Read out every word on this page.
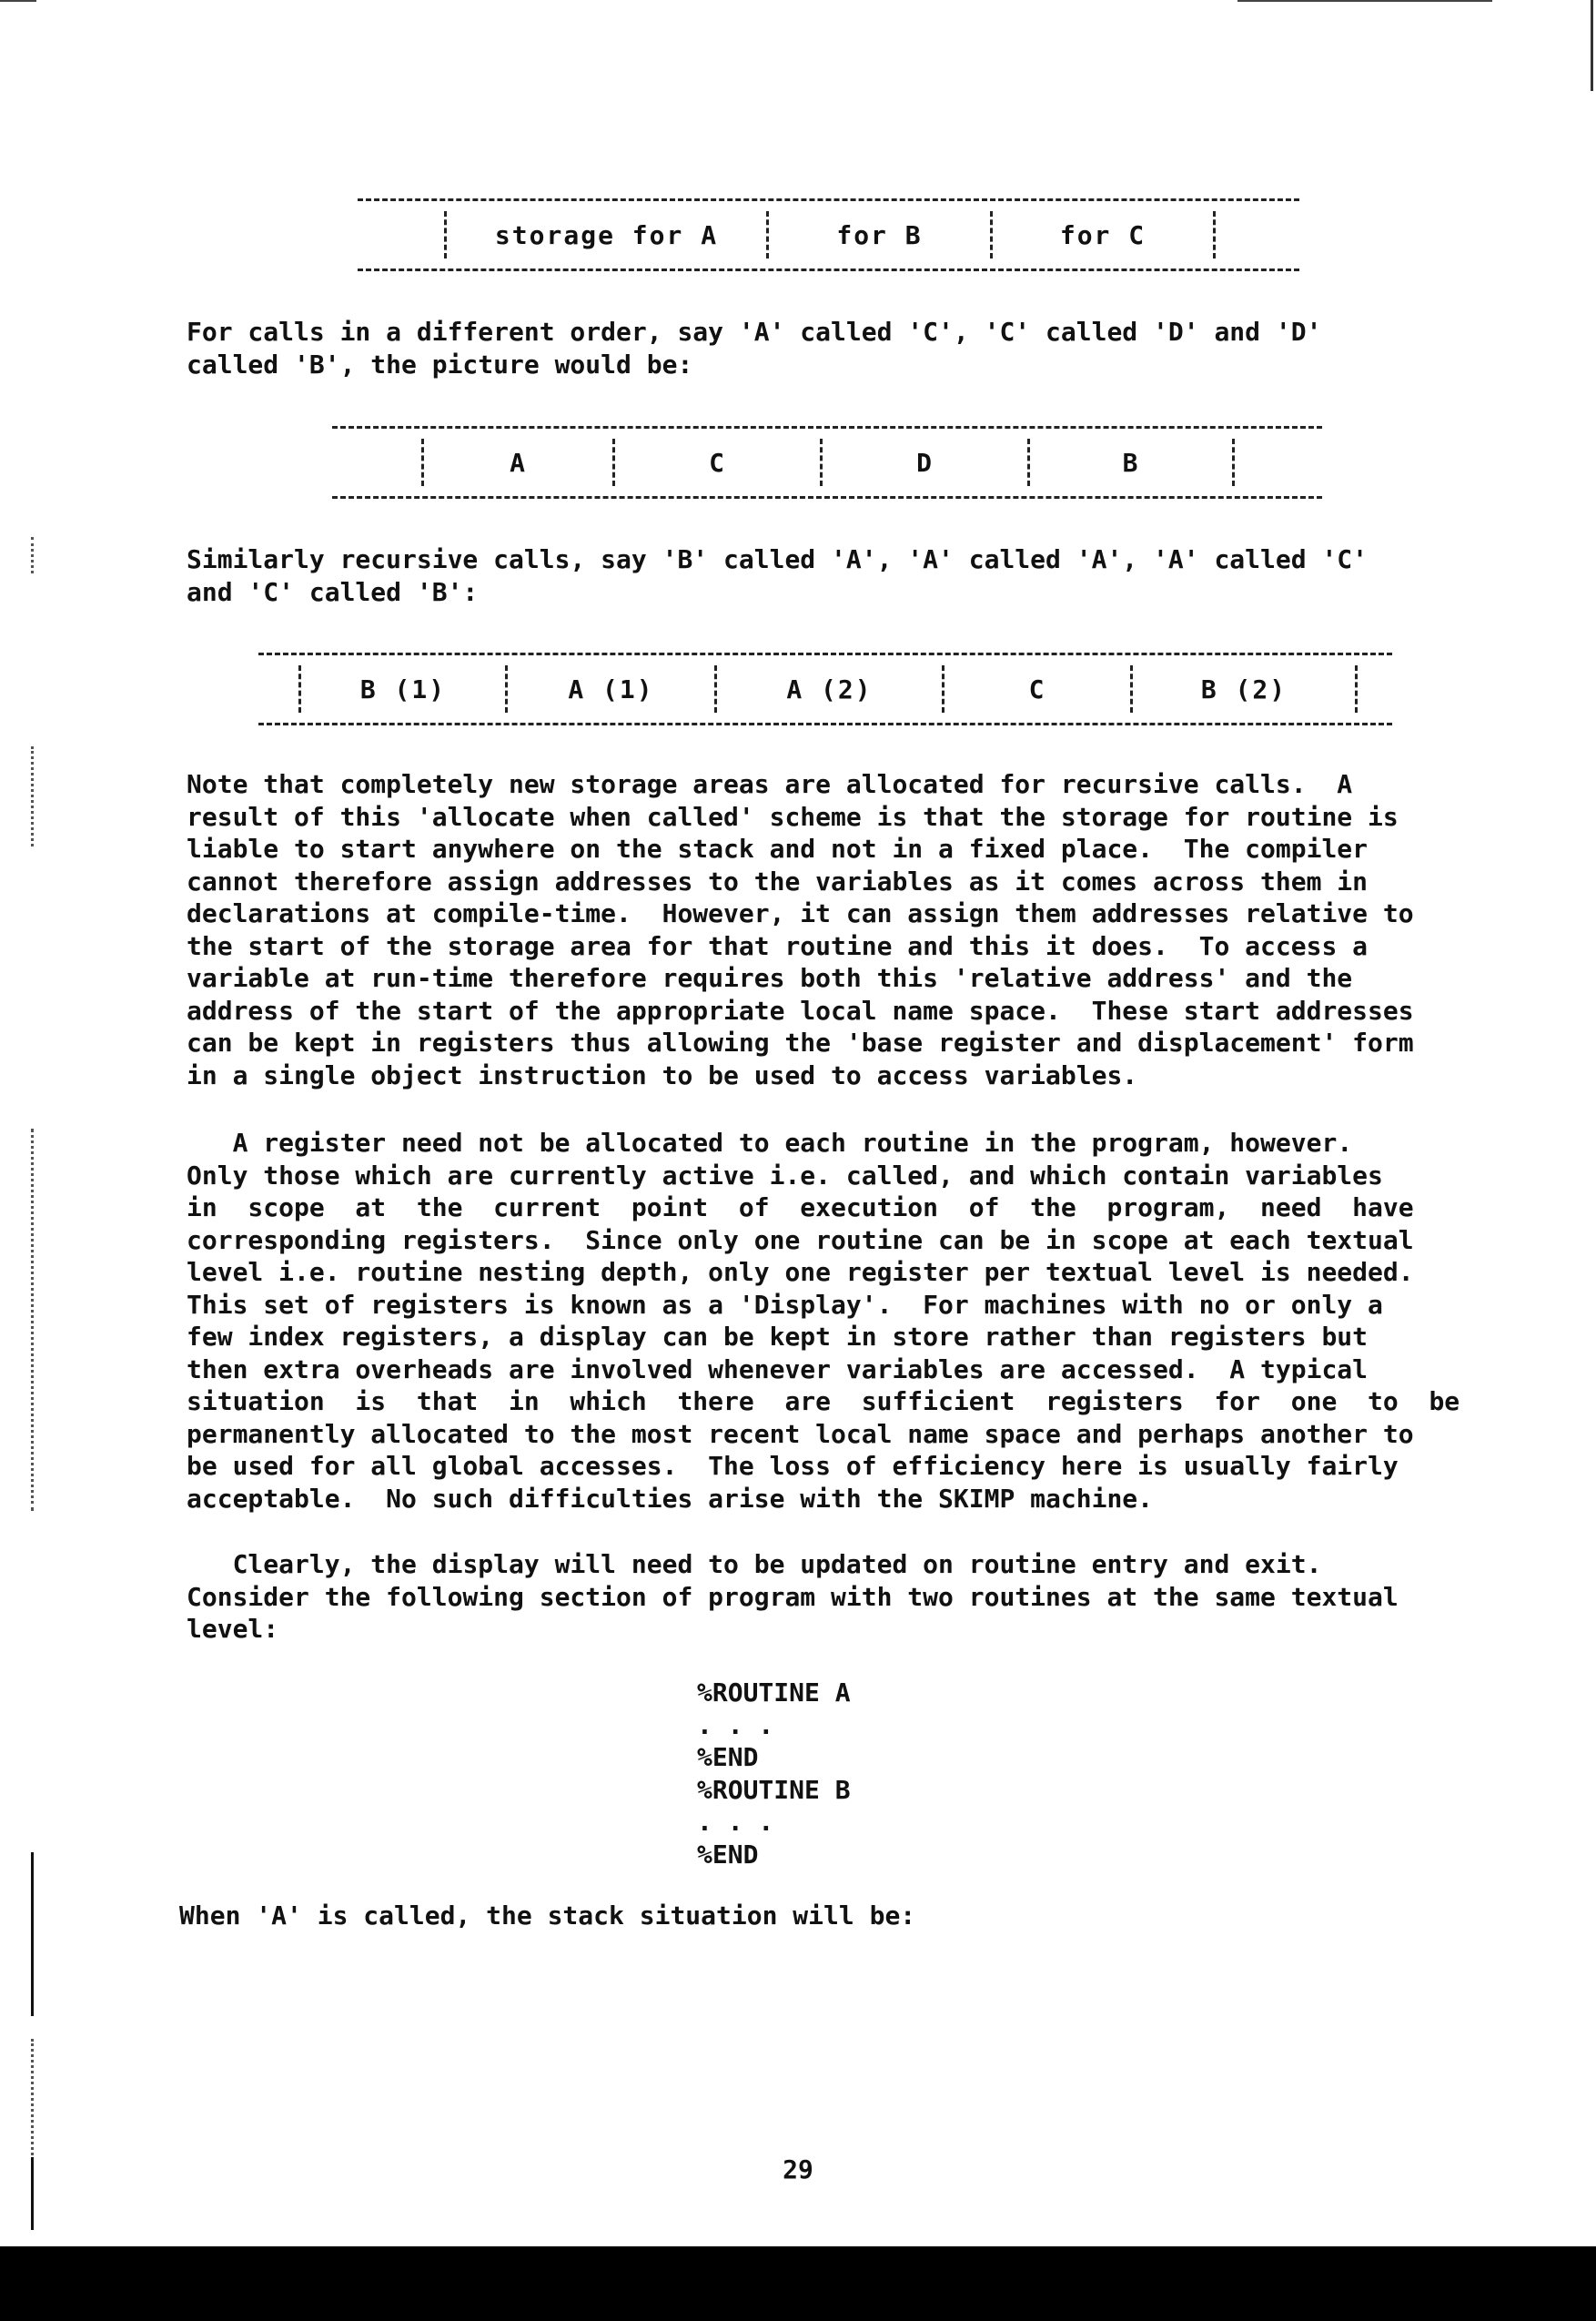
storage for A	for B	for C

For calls in a different order, say 'A' called 'C', 'C' called 'D' and 'D'
called 'B', the picture would be:

A	C	D	B

Similarly recursive calls, say 'B' called 'A', 'A' called 'A', 'A' called 'C'
and 'C' called 'B':

B (1)	A (1)	A (2)	C	B (2)

Note that completely new storage areas are allocated for recursive calls.  A
result of this 'allocate when called' scheme is that the storage for routine is
liable to start anywhere on the stack and not in a fixed place.  The compiler
cannot therefore assign addresses to the variables as it comes across them in
declarations at compile-time.  However, it can assign them addresses relative to
the start of the storage area for that routine and this it does.  To access a
variable at run-time therefore requires both this 'relative address' and the
address of the start of the appropriate local name space.  These start addresses
can be kept in registers thus allowing the 'base register and displacement' form
in a single object instruction to be used to access variables.

A register need not be allocated to each routine in the program, however.
Only those which are currently active i.e. called, and which contain variables
in  scope  at  the  current  point  of  execution  of  the  program,  need  have
corresponding registers.  Since only one routine can be in scope at each textual
level i.e. routine nesting depth, only one register per textual level is needed.
This set of registers is known as a 'Display'.  For machines with no or only a
few index registers, a display can be kept in store rather than registers but
then extra overheads are involved whenever variables are accessed.  A typical
situation  is  that  in  which  there  are  sufficient  registers  for  one  to  be
permanently allocated to the most recent local name space and perhaps another to
be used for all global accesses.  The loss of efficiency here is usually fairly
acceptable.  No such difficulties arise with the SKIMP machine.

Clearly, the display will need to be updated on routine entry and exit.
Consider the following section of program with two routines at the same textual
level:

%ROUTINE A
. . .
%END
%ROUTINE B
. . .
%END

When 'A' is called, the stack situation will be:

29
